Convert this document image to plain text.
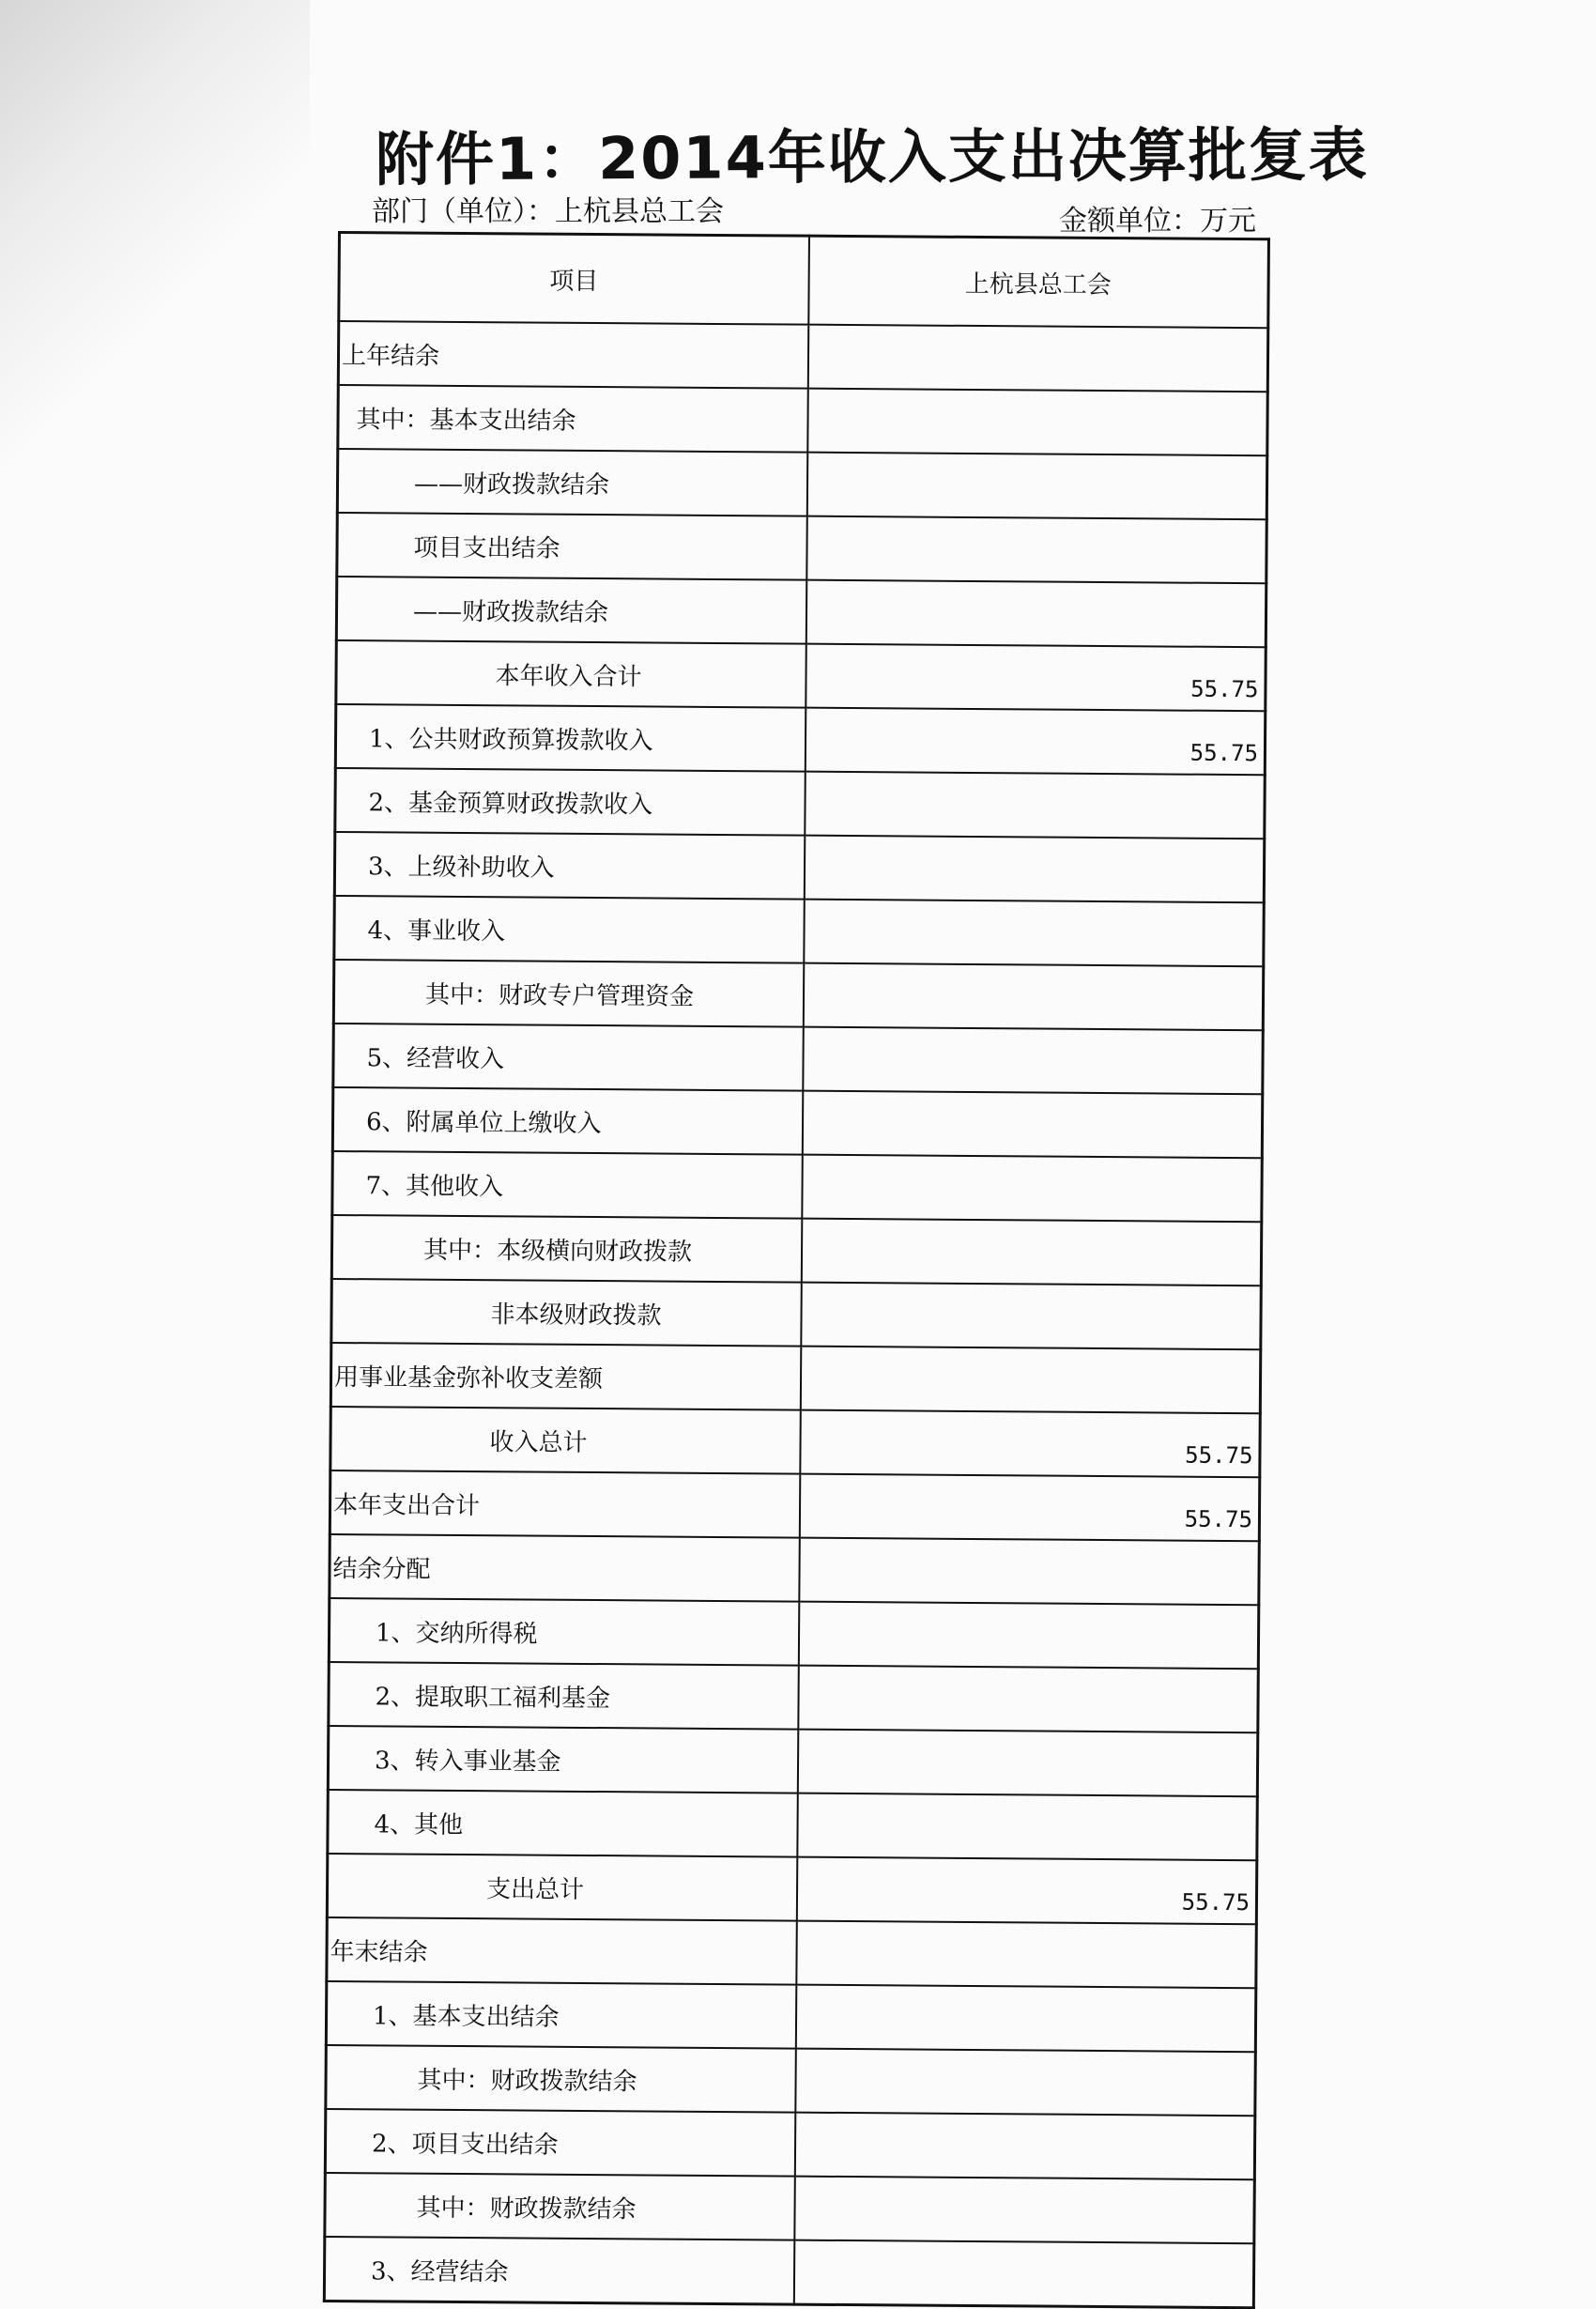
附件1：2014年收入支出决算批复表
部门（单位）：上杭县总工会	金额单位：万元
项目	上杭县总工会
上年结余	
其中：基本支出结余	
——财政拨款结余	
项目支出结余	
——财政拨款结余	
本年收入合计	55.75
1、公共财政预算拨款收入	55.75
2、基金预算财政拨款收入	
3、上级补助收入	
4、事业收入	
其中：财政专户管理资金	
5、经营收入	
6、附属单位上缴收入	
7、其他收入	
其中：本级横向财政拨款	
非本级财政拨款	
用事业基金弥补收支差额	
收入总计	55.75
本年支出合计	55.75
结余分配	
1、交纳所得税	
2、提取职工福利基金	
3、转入事业基金	
4、其他	
支出总计	55.75
年末结余	
1、基本支出结余	
其中：财政拨款结余	
2、项目支出结余	
其中：财政拨款结余	
3、经营结余	
